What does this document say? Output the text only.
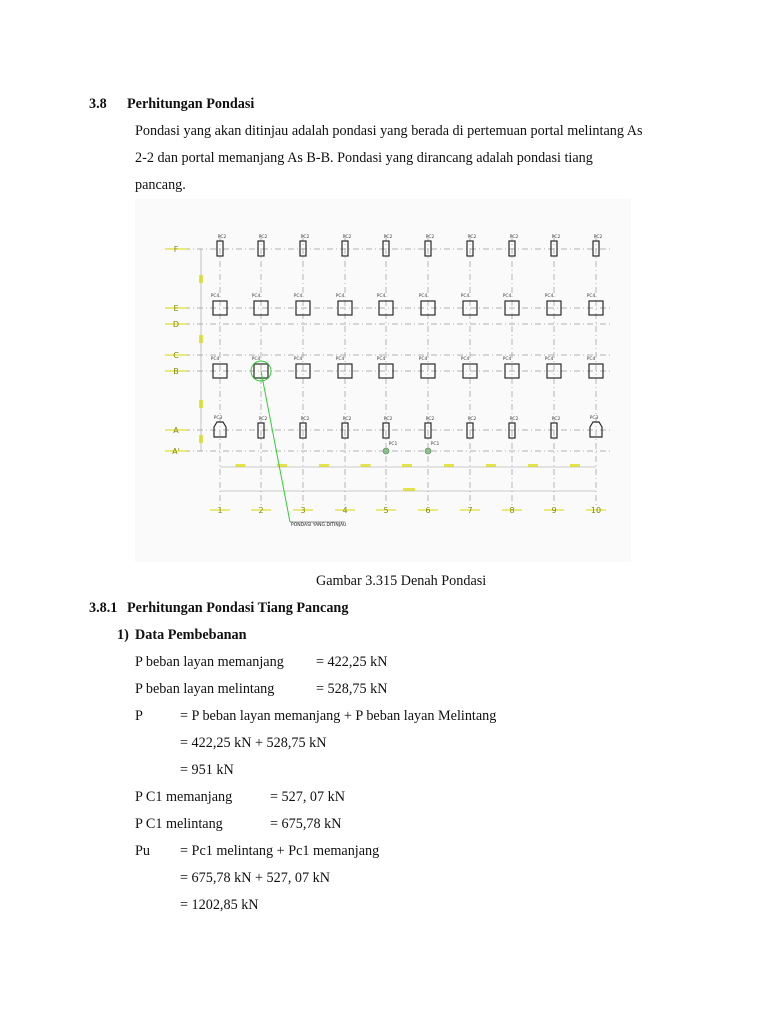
3.8 Perhitungan Pondasi
Pondasi yang akan ditinjau adalah pondasi yang berada di pertemuan portal melintang As
2-2 dan portal memanjang As B-B. Pondasi yang dirancang adalah pondasi tiang
pancang.
F
E
D
C
B
A
A'
1	2	3	4	5	6	7	8	9	10
PC2
PC4
PC4
PC3
PC2
PC4
PC4
PC2
PC2
PC4
PC4
PC2
PC2
PC4
PC4
PC2
PC2
PC4
PC4
PC2
PC2
PC4
PC4
PC2
PC2
PC4
PC4
PC2
PC2
PC4
PC4
PC2
PC2
PC4
PC4
PC2
PC2
PC4
PC4
PC3
PC1	PC1
PONDASI YANG DITINJAU
Gambar 3.315 Denah Pondasi
3.8.1 Perhitungan Pondasi Tiang Pancang
1) Data Pembebanan
P beban layan memanjang = 422,25 kN
P beban layan melintang	= 528,75 kN
P	= P beban layan memanjang + P beban layan Melintang
= 422,25 kN + 528,75 kN
= 951 kN
P C1 memanjang	= 527, 07 kN
P C1 melintang	= 675,78 kN
Pu = Pc1 melintang + Pc1 memanjang
= 675,78 kN + 527, 07 kN
= 1202,85 kN
